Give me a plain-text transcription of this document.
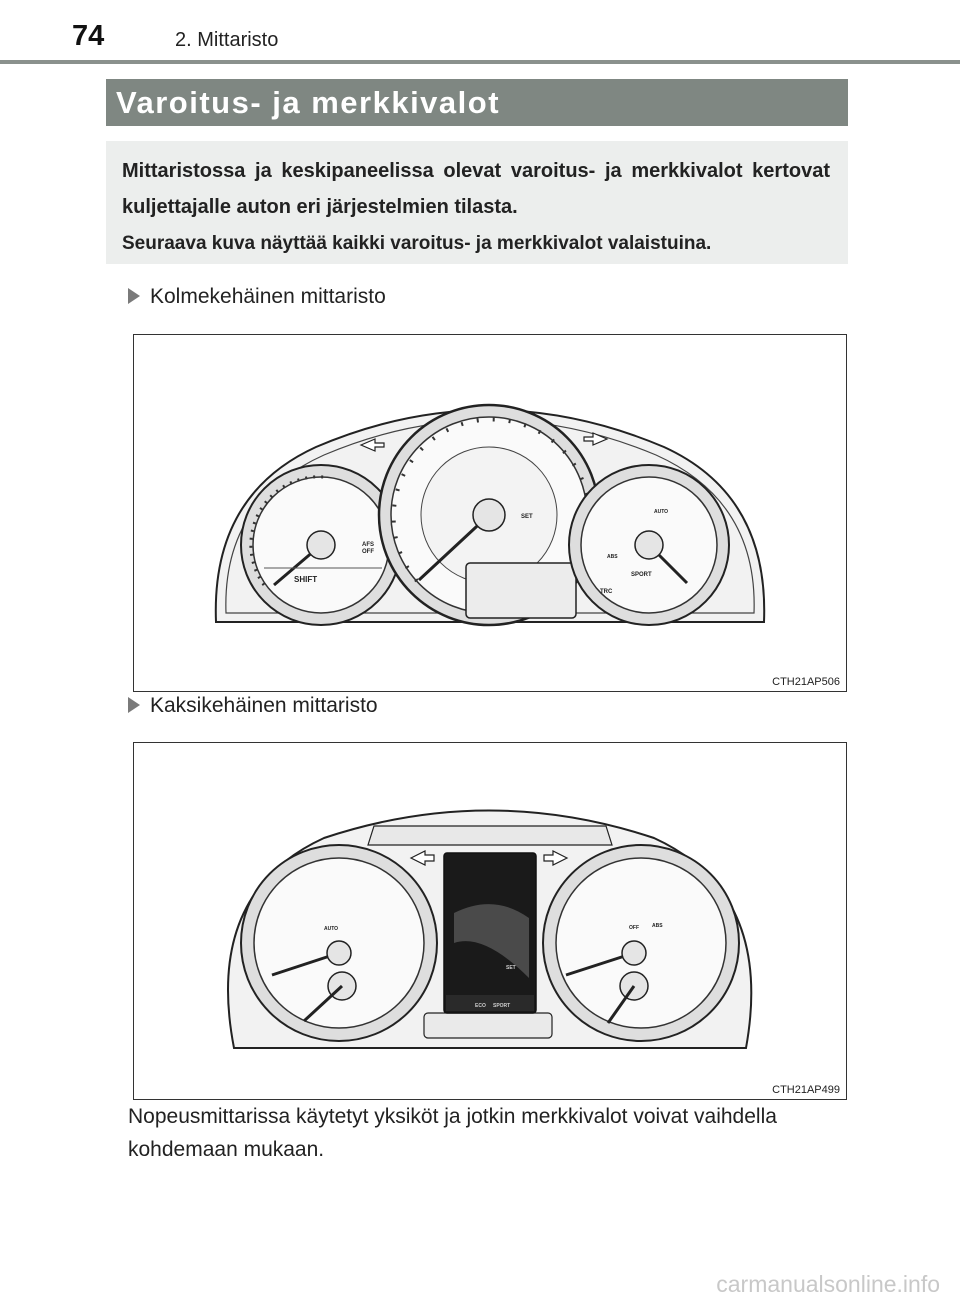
74	2. Mittaristo
Varoitus- ja merkkivalot

Mittaristossa ja keskipaneelissa olevat varoitus- ja merkkivalot kertovat kuljettajalle auton eri järjestelmien tilasta.

Seuraava kuva näyttää kaikki varoitus- ja merkkivalot valaistuina.

Kolmekehäinen mittaristo
SHIFT
AFS
OFF
SET
SPORT
TRC
AUTO
ABS
CTH21AP506
Kaksikehäinen mittaristo
AUTO
SET
ECO SPORT
OFF	ABS
CTH21AP499
Nopeusmittarissa käytetyt yksiköt ja jotkin merkkivalot voivat vaihdella kohdemaan mukaan.
carmanualsonline.info
